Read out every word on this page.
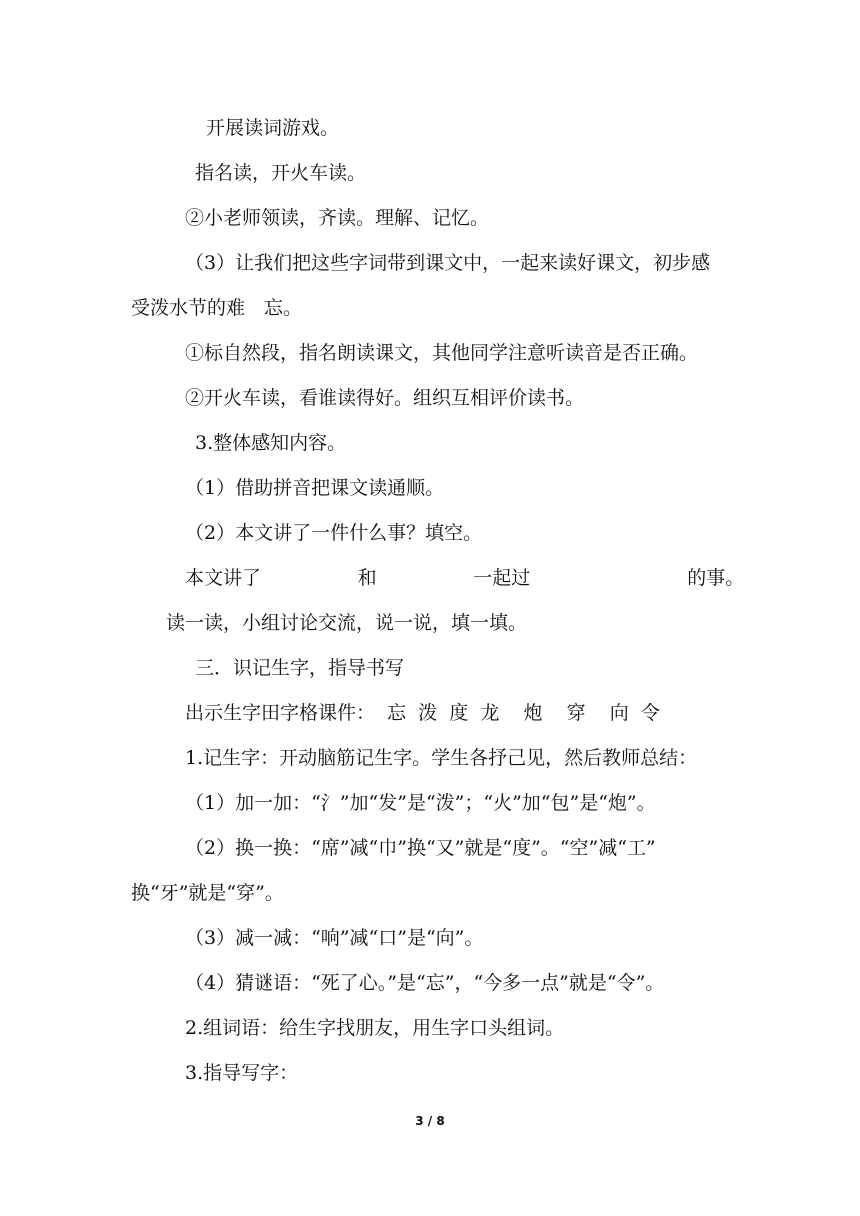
开展读词游戏。
指名读，开火车读。
②小老师领读，齐读。理解、记忆。
（3）让我们把这些字词带到课文中，一起来读好课文，初步感
受泼水节的难　忘。
①标自然段，指名朗读课文，其他同学注意听读音是否正确。
②开火车读，看谁读得好。组织互相评价读书。
3.整体感知内容。
（1）借助拼音把课文读通顺。
（2）本文讲了一件什么事？填空。
本文讲了                和                一起过                          的事。
读一读，小组讨论交流，说一说，填一填。
三．识记生字，指导书写
出示生字田字格课件：  忘  泼  度  龙    炮    穿    向  令
1.记生字：开动脑筋记生字。学生各抒己见，然后教师总结：
（1）加一加：“氵”加“发”是“泼”；“火”加“包”是“炮”。
（2）换一换：“席”减“巾”换“又”就是“度”。“空”减“工”
换“牙”就是“穿”。
（3）减一减：“响”减“口”是“向”。
（4）猜谜语：“死了心。”是“忘”，“今多一点”就是“令”。
2.组词语：给生字找朋友，用生字口头组词。
3.指导写字：
3 / 8
